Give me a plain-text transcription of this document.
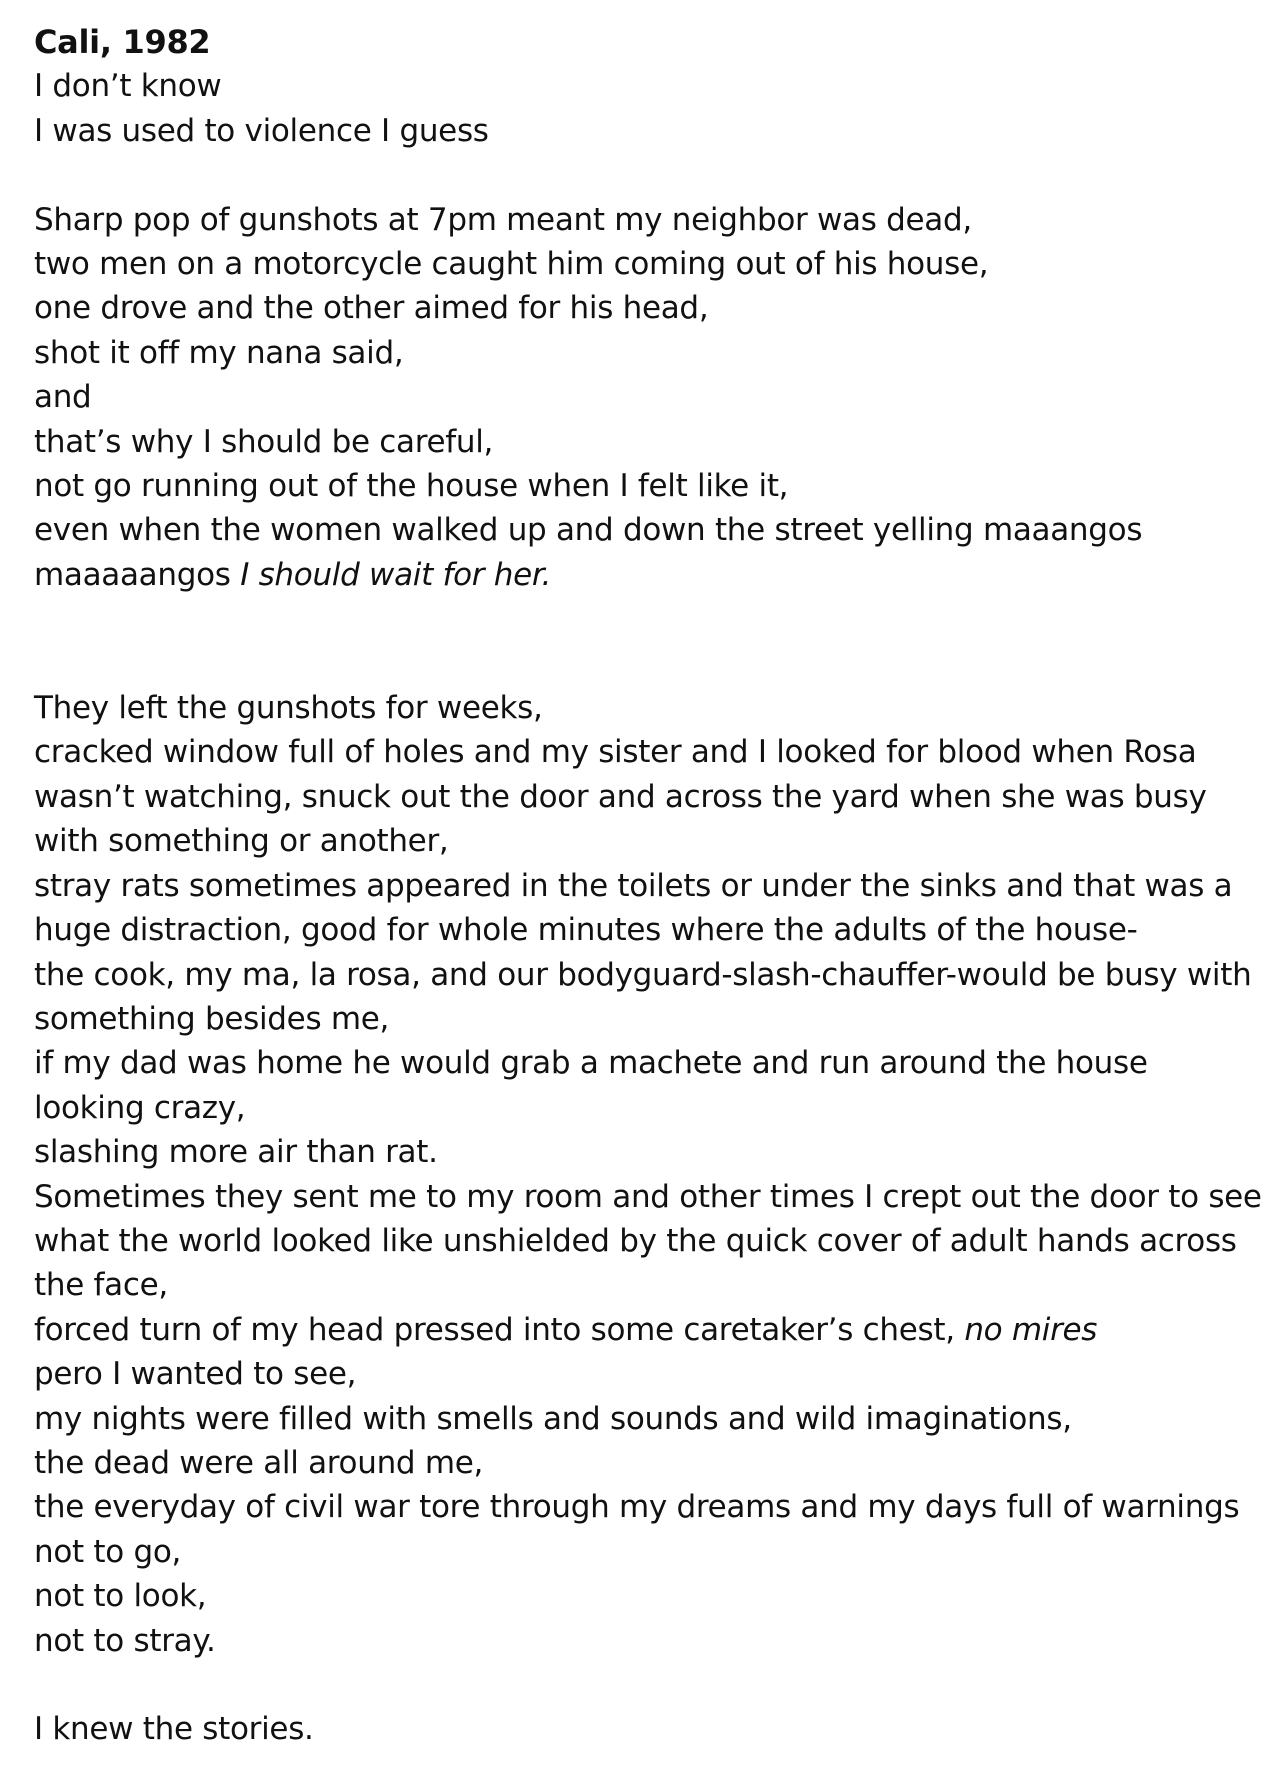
Cali, 1982
I don’t know
I was used to violence I guess
Sharp pop of gunshots at 7pm meant my neighbor was dead,
two men on a motorcycle caught him coming out of his house,
one drove and the other aimed for his head,
shot it off my nana said,
and
that’s why I should be careful,
not go running out of the house when I felt like it,
even when the women walked up and down the street yelling maaangos
maaaaangos I should wait for her.
They left the gunshots for weeks,
cracked window full of holes and my sister and I looked for blood when Rosa
wasn’t watching, snuck out the door and across the yard when she was busy
with something or another,
stray rats sometimes appeared in the toilets or under the sinks and that was a
huge distraction, good for whole minutes where the adults of the house-
the cook, my ma, la rosa, and our bodyguard-slash-chauffer-would be busy with
something besides me,
if my dad was home he would grab a machete and run around the house
looking crazy,
slashing more air than rat.
Sometimes they sent me to my room and other times I crept out the door to see
what the world looked like unshielded by the quick cover of adult hands across
the face,
forced turn of my head pressed into some caretaker’s chest, no mires
pero I wanted to see,
my nights were filled with smells and sounds and wild imaginations,
the dead were all around me,
the everyday of civil war tore through my dreams and my days full of warnings
not to go,
not to look,
not to stray.
I knew the stories.
